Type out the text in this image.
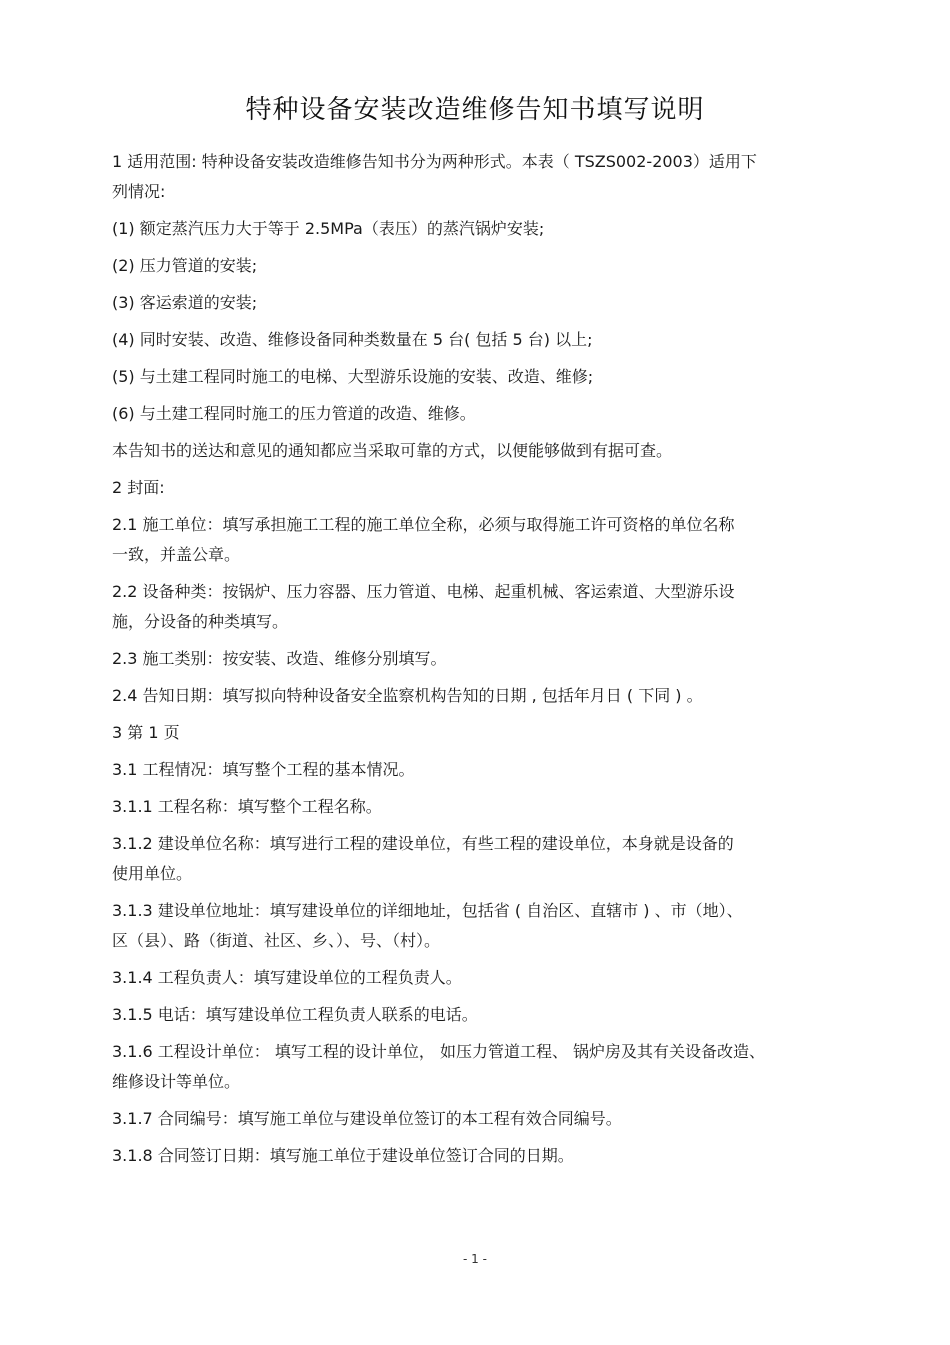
特种设备安装改造维修告知书填写说明
1 适用范围: 特种设备安装改造维修告知书分为两种形式。本表（ TSZS002-2003）适用下
列情况:
(1) 额定蒸汽压力大于等于 2.5MPa（表压）的蒸汽锅炉安装;
(2) 压力管道的安装;
(3) 客运索道的安装;
(4) 同时安装、改造、维修设备同种类数量在 5 台( 包括 5 台) 以上;
(5) 与土建工程同时施工的电梯、大型游乐设施的安装、改造、维修;
(6) 与土建工程同时施工的压力管道的改造、维修。
本告知书的送达和意见的通知都应当采取可靠的方式，以便能够做到有据可查。
2 封面:
2.1 施工单位：填写承担施工工程的施工单位全称，必须与取得施工许可资格的单位名称
一致，并盖公章。
2.2 设备种类：按锅炉、压力容器、压力管道、电梯、起重机械、客运索道、大型游乐设
施，分设备的种类填写。
2.3 施工类别：按安装、改造、维修分别填写。
2.4 告知日期：填写拟向特种设备安全监察机构告知的日期 , 包括年月日 ( 下同 ) 。
3 第 1 页
3.1 工程情况：填写整个工程的基本情况。
3.1.1 工程名称：填写整个工程名称。
3.1.2 建设单位名称：填写进行工程的建设单位，有些工程的建设单位，本身就是设备的
使用单位。
3.1.3 建设单位地址：填写建设单位的详细地址，包括省 ( 自治区、直辖市 ) 、市（地）、
区（县）、路（街道、社区、乡、）、号、（村）。
3.1.4 工程负责人：填写建设单位的工程负责人。
3.1.5 电话：填写建设单位工程负责人联系的电话。
3.1.6 工程设计单位： 填写工程的设计单位， 如压力管道工程、 锅炉房及其有关设备改造、
维修设计等单位。
3.1.7 合同编号：填写施工单位与建设单位签订的本工程有效合同编号。
3.1.8 合同签订日期：填写施工单位于建设单位签订合同的日期。
- 1 -
